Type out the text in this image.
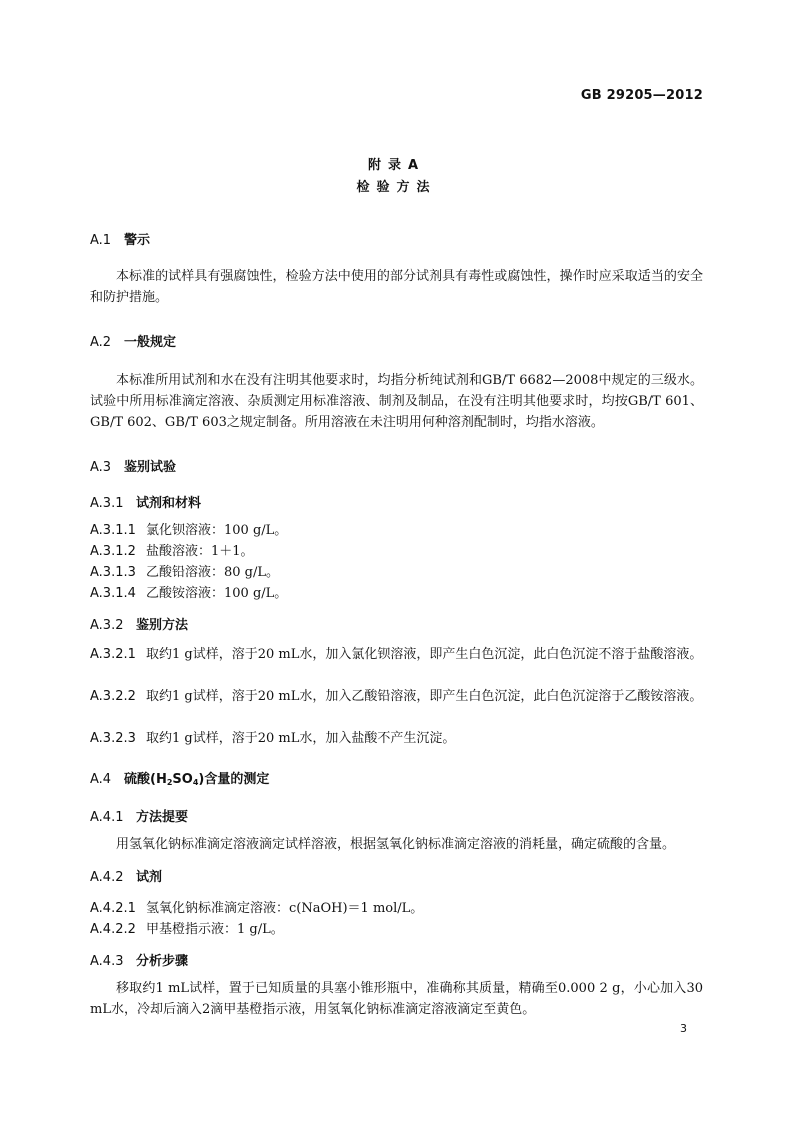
GB 29205—2012
附录A
检验方法
A.1 警示
本标准的试样具有强腐蚀性，检验方法中使用的部分试剂具有毒性或腐蚀性，操作时应采取适当的安全和防护措施。
A.2 一般规定
本标准所用试剂和水在没有注明其他要求时，均指分析纯试剂和GB/T 6682—2008中规定的三级水。试验中所用标准滴定溶液、杂质测定用标准溶液、制剂及制品，在没有注明其他要求时，均按GB/T 601、GB/T 602、GB/T 603之规定制备。所用溶液在未注明用何种溶剂配制时，均指水溶液。
A.3 鉴别试验
A.3.1 试剂和材料
A.3.1.1 氯化钡溶液：100 g/L。
A.3.1.2 盐酸溶液：1＋1。
A.3.1.3 乙酸铅溶液：80 g/L。
A.3.1.4 乙酸铵溶液：100 g/L。
A.3.2 鉴别方法
A.3.2.1 取约1 g试样，溶于20 mL水，加入氯化钡溶液，即产生白色沉淀，此白色沉淀不溶于盐酸溶液。
A.3.2.2 取约1 g试样，溶于20 mL水，加入乙酸铅溶液，即产生白色沉淀，此白色沉淀溶于乙酸铵溶液。
A.3.2.3 取约1 g试样，溶于20 mL水，加入盐酸不产生沉淀。
A.4 硫酸(H2SO4)含量的测定
A.4.1 方法提要
用氢氧化钠标准滴定溶液滴定试样溶液，根据氢氧化钠标准滴定溶液的消耗量，确定硫酸的含量。
A.4.2 试剂
A.4.2.1 氢氧化钠标准滴定溶液：c(NaOH)＝1 mol/L。
A.4.2.2 甲基橙指示液：1 g/L。
A.4.3 分析步骤
移取约1 mL试样，置于已知质量的具塞小锥形瓶中，准确称其质量，精确至0.000 2 g，小心加入30 mL水，冷却后滴入2滴甲基橙指示液，用氢氧化钠标准滴定溶液滴定至黄色。
3
